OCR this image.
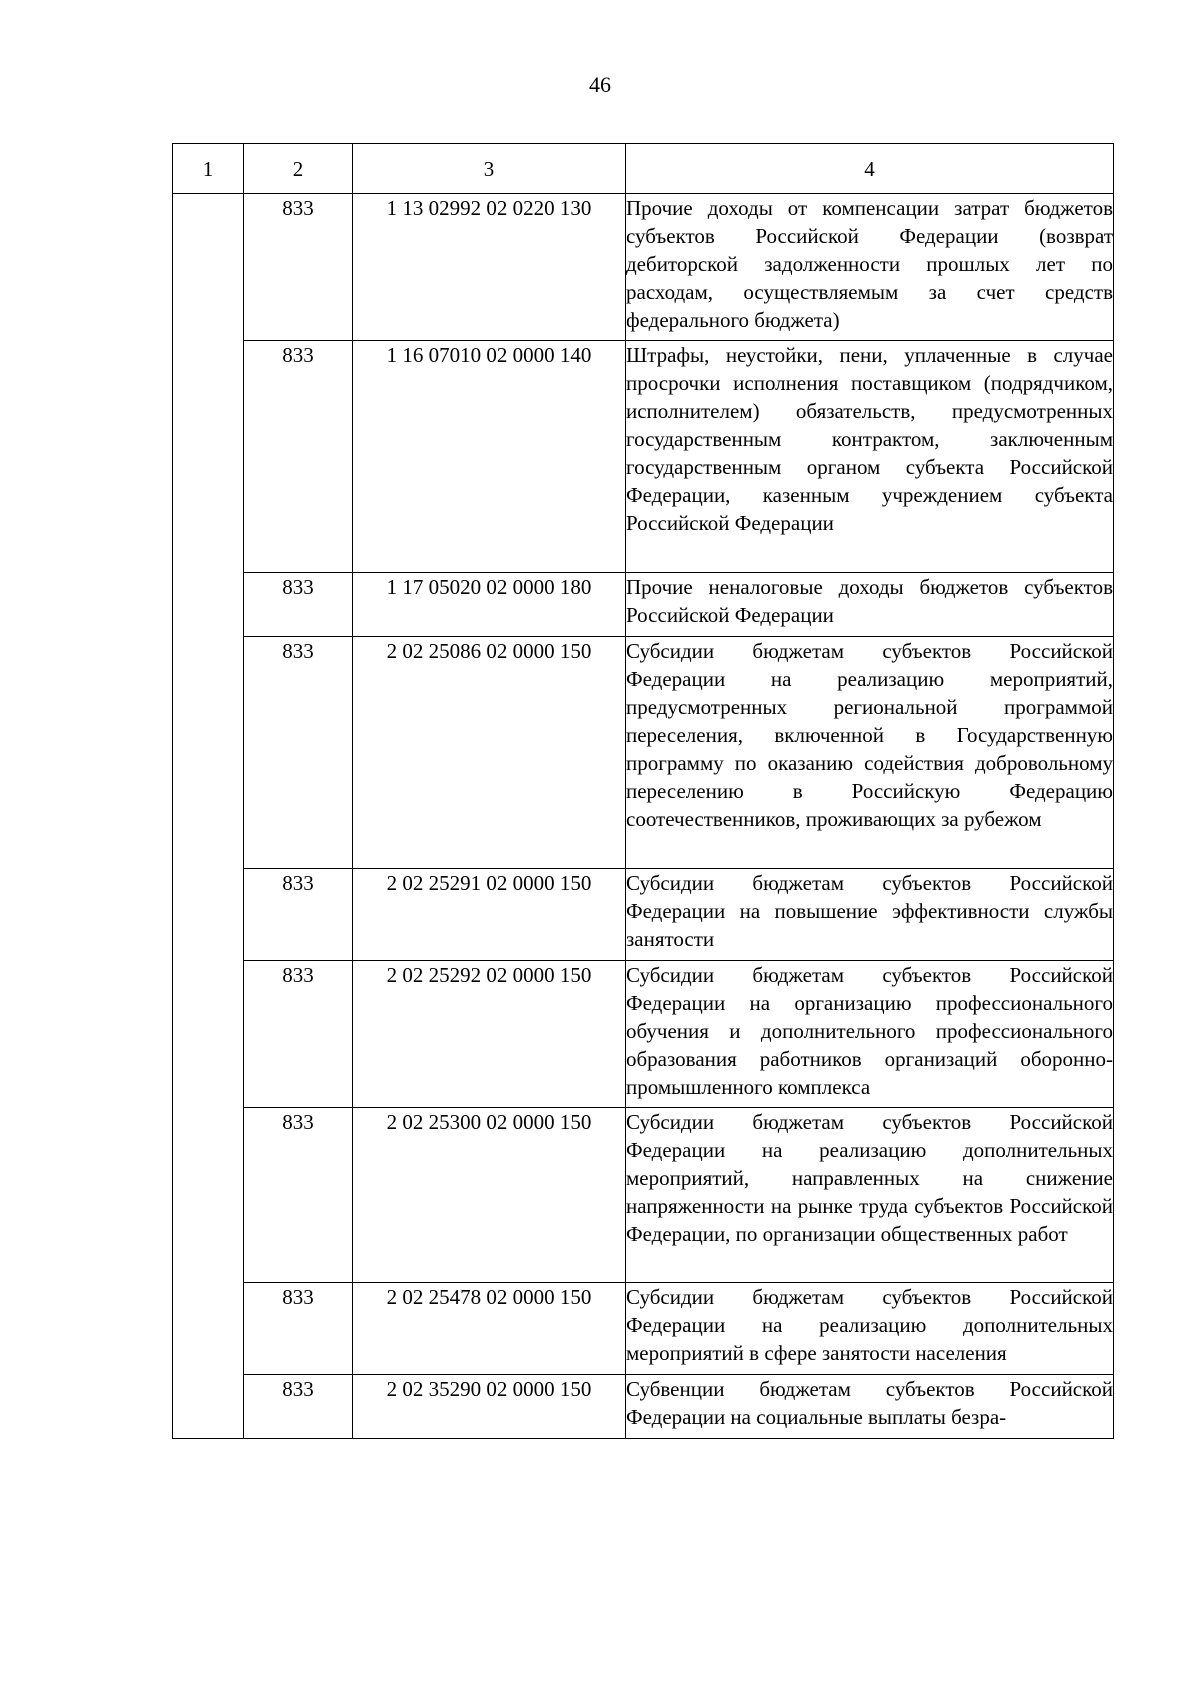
46
1	2	3	4
	833	1 13 02992 02 0220 130	Прочие доходы от компенсации затрат бюджетов субъектов Российской Федерации (возврат дебиторской задолженности прошлых лет по расходам, осуществляемым за счет средств федерального бюджета)
	833	1 16 07010 02 0000 140	Штрафы, неустойки, пени, уплаченные в случае просрочки исполнения поставщиком (подрядчиком, исполнителем) обязательств, предусмотренных государственным контрактом, заключенным государственным органом субъекта Российской Федерации, казенным учреждением субъекта Российской Федерации
	833	1 17 05020 02 0000 180	Прочие неналоговые доходы бюджетов субъектов Российской Федерации
	833	2 02 25086 02 0000 150	Субсидии бюджетам субъектов Российской Федерации на реализацию мероприятий, предусмотренных региональной программой переселения, включенной в Государственную программу по оказанию содействия добровольному переселению в Российскую Федерацию соотечественников, проживающих за рубежом
	833	2 02 25291 02 0000 150	Субсидии бюджетам субъектов Российской Федерации на повышение эффективности службы занятости
	833	2 02 25292 02 0000 150	Субсидии бюджетам субъектов Российской Федерации на организацию профессионального обучения и дополнительного профессионального образования работников организаций оборонно-промышленного комплекса
	833	2 02 25300 02 0000 150	Субсидии бюджетам субъектов Российской Федерации на реализацию дополнительных мероприятий, направленных на снижение напряженности на рынке труда субъектов Российской Федерации, по организации общественных работ
	833	2 02 25478 02 0000 150	Субсидии бюджетам субъектов Российской Федерации на реализацию дополнительных мероприятий в сфере занятости населения
	833	2 02 35290 02 0000 150	Субвенции бюджетам субъектов Российской Федерации на социальные выплаты безра-
